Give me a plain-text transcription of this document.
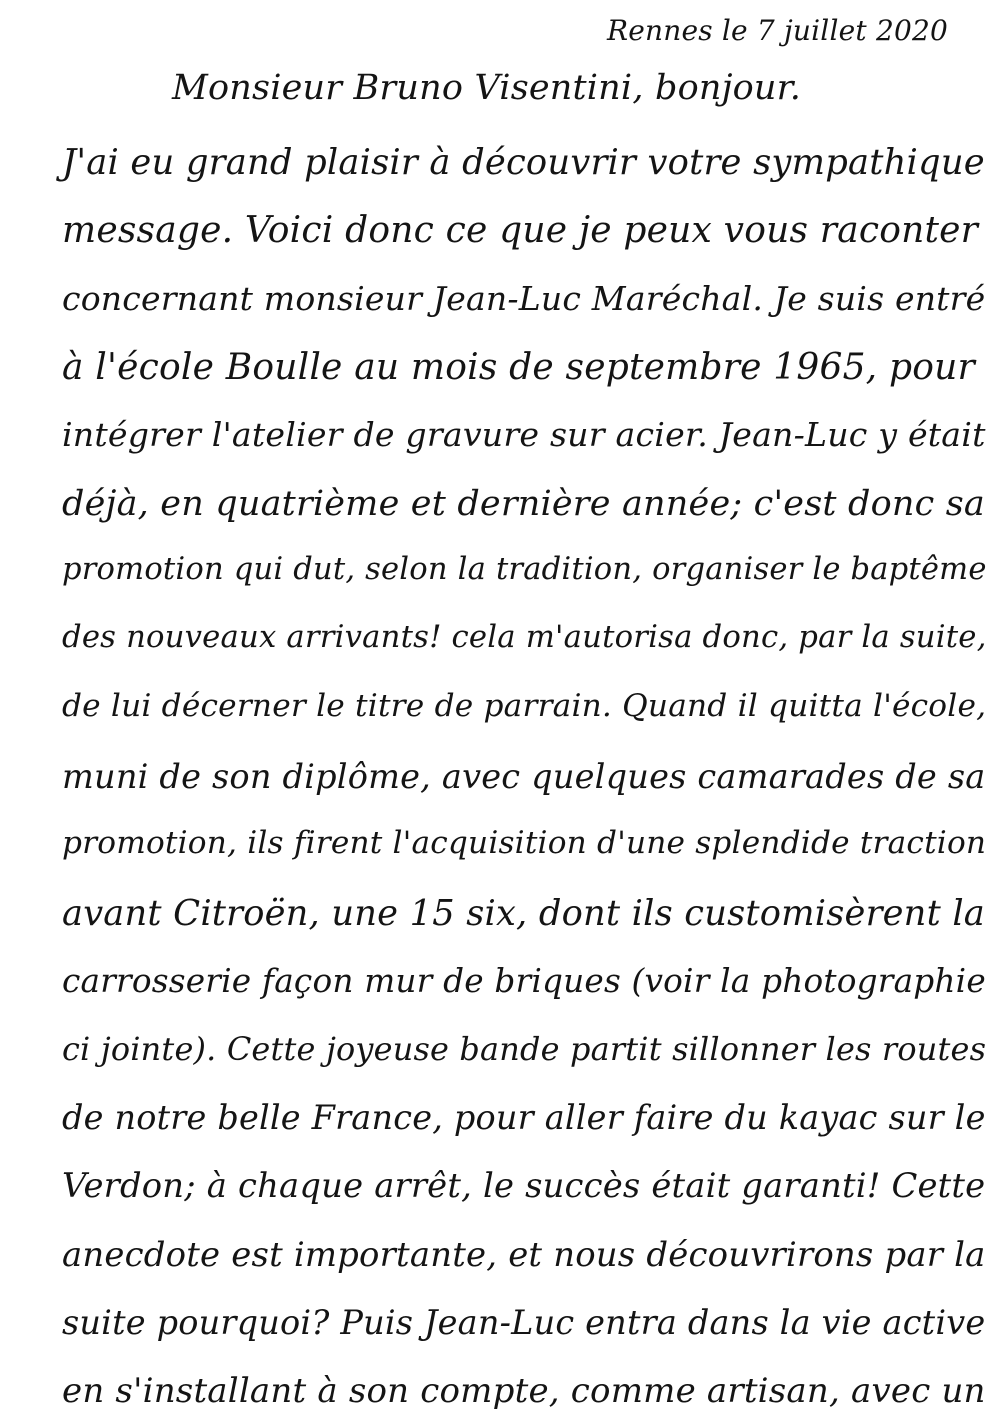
Rennes le 7 juillet 2020
Monsieur Bruno Visentini, bonjour.
J'ai eu grand plaisir à découvrir votre sympathique
message. Voici donc ce que je peux vous raconter
concernant monsieur Jean-Luc Maréchal. Je suis entré
à l'école Boulle au mois de septembre 1965, pour
intégrer l'atelier de gravure sur acier. Jean-Luc y était
déjà, en quatrième et dernière année; c'est donc sa
promotion qui dut, selon la tradition, organiser le baptême
des nouveaux arrivants! cela m'autorisa donc, par la suite,
de lui décerner le titre de parrain. Quand il quitta l'école,
muni de son diplôme, avec quelques camarades de sa
promotion, ils firent l'acquisition d'une splendide traction
avant Citroën, une 15 six, dont ils customisèrent la
carrosserie façon mur de briques (voir la photographie
ci jointe). Cette joyeuse bande partit sillonner les routes
de notre belle France, pour aller faire du kayac sur le
Verdon; à chaque arrêt, le succès était garanti! Cette
anecdote est importante, et nous découvrirons par la
suite pourquoi? Puis Jean-Luc entra dans la vie active
en s'installant à son compte, comme artisan, avec un
